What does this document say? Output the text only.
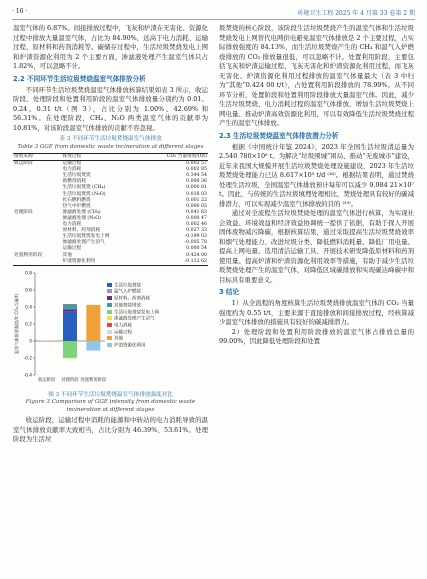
· 16 ·	环境卫生工程 2025 年 4 月第 33 卷第 2 期

温室气体的 6.87%。间接排放过程中，飞灰和炉渣在无害化、资源化过程中排放大量温室气体，占比为 84.90%，远高于电力消耗、运输过程、原材料和药剂消耗等。碳储存过程中，生活垃圾焚烧发电上网和炉渣资源化利用为 2 个主要方面，渗滤液处理产生温室气体只占 1.82%，可以忽略不计。

2.2 不同环节生活垃圾焚烧温室气体排放分析

不同环节生活垃圾焚烧温室气体排放核算结果如表 3 所示，收运阶段、处理阶段和处置利用阶段的温室气体排放量分别约为 0.01、0.24、0.31 t/t（图 3），占比分别为 1.00%、42.69% 和 56.31%。在处理阶段，CH₄、N₂O 两类温室气体的贡献率为 10.81%，对该阶段温室气体排放的贡献不容忽视。

表 3 不同环节生活垃圾焚烧温室气体排放
Table 3 GGE from domestic waste incineration at different stages
排放来源	排放过程	CO₂ 当量排放/(t/t)
收运阶段	运输过程	0.002 57
	电力消耗	0.002 85
	生活垃圾焚烧	0.344 54
	助燃剂消耗	0.000 36
	生活垃圾焚烧 (CH₄)	0.000 01
	生活垃圾焚烧 (N₂O)	0.018 03
	化石燃料燃烧	0.001 22
	热气中炉燃烧	0.000 05
处理阶段	渗滤液处理 (CH₄)	0.041 83
	渗滤液处理 (N₂O)	0.000 47
	电力消耗	0.002 46
	原材料、药剂消耗	0.027 33
	生活垃圾焚烧发电上网	-0.199 03
	渗滤液处理产生沼气	-0.005 78
	运输过程	0.000 54
处置利用阶段	其他	0.424 00
	炉渣资源化利用	-0.112 62
-0.4
-0.2
0
0.2
0.4
0.6
0.8
温室气体排放强度/(t CO₂当量/t)
收运阶段 处理阶段 处置利用阶段
生活垃圾焚烧
温气入炉燃烧
原材料、药剂消耗
其他焚烧排放
生活垃圾焚烧发电上网
渗滤液处理产生沼气
电力消耗
运输过程
其他
炉渣资源化利用
图 3 不同环节生活垃圾焚烧温室气体排放强度对比
Figure 3 Comparison of GGE intensity from domestic waste incineration at different stages

收运阶段，运输过程中消耗的能源和中转站的电力消耗导致的温室气体排放贡献率大致相当，占比分别为 46.39%、53.61%。处理阶段为生活垃

圾焚烧的核心阶段，该阶段生活垃圾焚烧产生的温室气体和生活垃圾焚烧发电上网替代电网供电避免温室气体排放是 2 个主要过程，占实际排放强度的 84.13%，而生活垃圾焚烧产生的 CH₄ 和温气入炉燃烧排放的 CO₂ 排放量很低，可以忽略不计。处置利用阶段，主要包括飞灰和炉渣运输过程、飞灰无害化和炉渣资源化利用过程，而飞灰无害化、炉渣资源化利用过程排放的温室气体量最大（表 3 中归为“其他”0.424 00 t/t），占处置利用阶段排放的 78.99%。从不同环节分析，处置阶段和处置利用阶段排放大量温室气体。因此，减少生活垃圾焚烧、电力消耗过程的温室气体排放，增加生活垃圾焚烧上网电量、推动炉渣高效资源化利用，可以有效降低生活垃圾焚烧过程产生的温室气体排放。

2.3 生活垃圾焚烧温室气体排放潜力分析

根据《中国统计年鉴 2024》，2023 年全国生活垃圾清运量为 2.540 780×10⁸ t。为解决“垃圾围城”困局、推动“无废城市”建设，近年来我国大规模开展生活垃圾焚烧处理设施建设，2023 年生活垃圾焚烧处理能力已达 8.617×10⁵ t/d ⁽³⁸⁾。根据结果表明，通过焚烧处理生活垃圾，全国温室气体排放预计每年可以减少 9.984 21×10⁷ t。因此，与传统的生活垃圾填埋处理相比，焚烧处理具有较好的碳减排潜力，可以实现减少温室气体排放的目的 ⁽³⁹⁾。

通过对全流程生活垃圾焚烧处理的温室气体进行核算，为实现社会效益、环境效益和经济效益协调统一提供了依据，有助于探人开展固体废物减污降碳，根据核算结果，通过采取提高生活垃圾焚烧效率和烟气处理能力、改进垃圾分类、降低燃料消耗量、降低厂用电量、提高上网电量、选用清洁运输工具、开展技术研发降低原材料和药剂使用量、提高炉渣和炉渣资源化利用效率等措施，有助于减少生活垃圾焚烧处理产生的温室气体，对降低区域碳排放和实现碳达峰碳中和目标具有重要意义。

3 结论

1）从全流程的角度核算生活垃圾焚烧排放温室气体的 CO₂ 当量强度约为 0.55 t/t，主要来源于直接排放和间接排放过程，经核算减少温室气体排放的措施具有较好的碳减排潜力。

2）处理阶段和处置利用阶段排放的温室气体占排放总量的 99.00%，因此降低处理阶段和处置
